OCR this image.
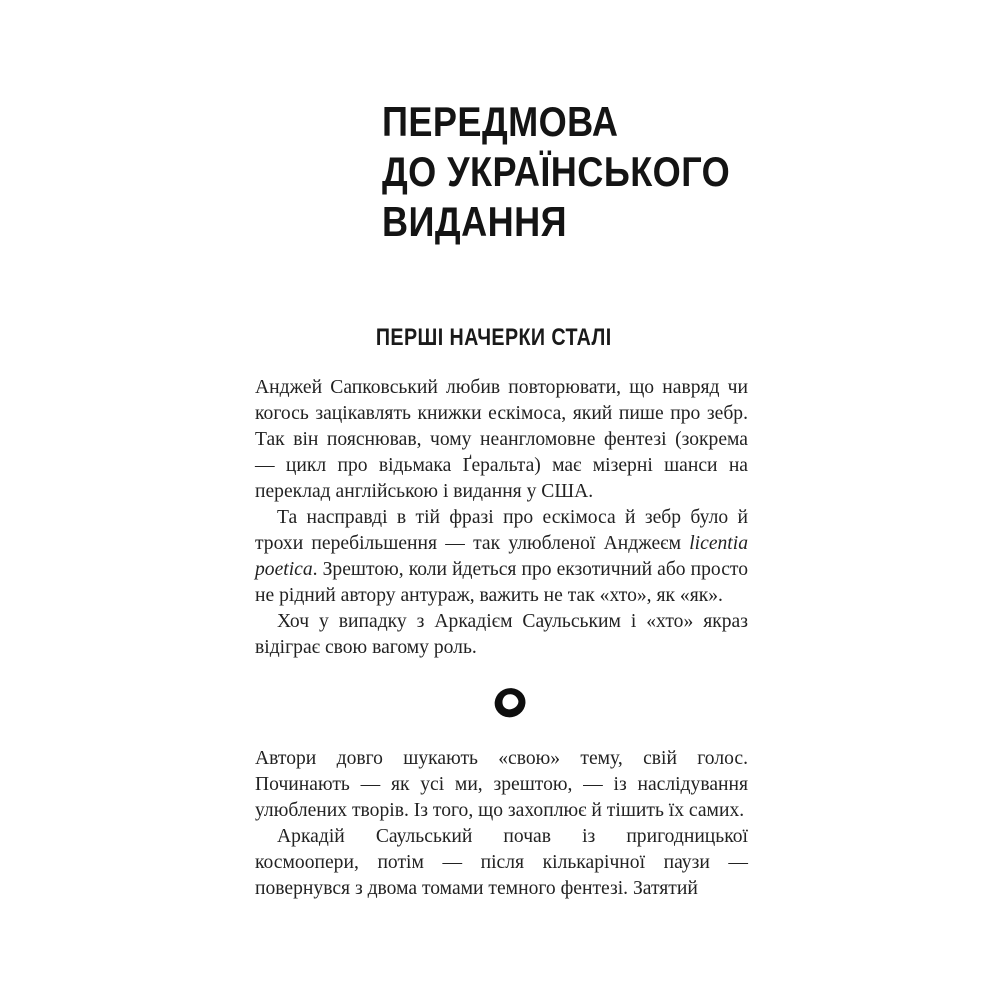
ПЕРЕДМОВА
ДО УКРАЇНСЬКОГО
ВИДАННЯ
ПЕРШІ НАЧЕРКИ СТАЛІ

Анджей Сапковський любив повторювати, що навряд чи когось зацікавлять книжки ескімоса, який пише про зебр. Так він пояснював, чому неангломовне фентезі (зокрема — цикл про відьмака Ґеральта) має мізерні шанси на переклад англійською і видання у США.

Та насправді в тій фразі про ескімоса й зебр було й трохи перебільшення — так улюбленої Анджеєм licentia poetica. Зрештою, коли йдеться про екзотичний або просто не рідний автору антураж, важить не так «хто», як «як».

Хоч у випадку з Аркадієм Саульським і «хто» якраз відіграє свою вагому роль.

Автори довго шукають «свою» тему, свій голос. Починають — як усі ми, зрештою, — із наслідування улюблених творів. Із того, що захоплює й тішить їх самих.

Аркадій Саульський почав із пригодницької космоопери, потім — після кількарічної паузи — повернувся з двома томами темного фентезі. Затятий
